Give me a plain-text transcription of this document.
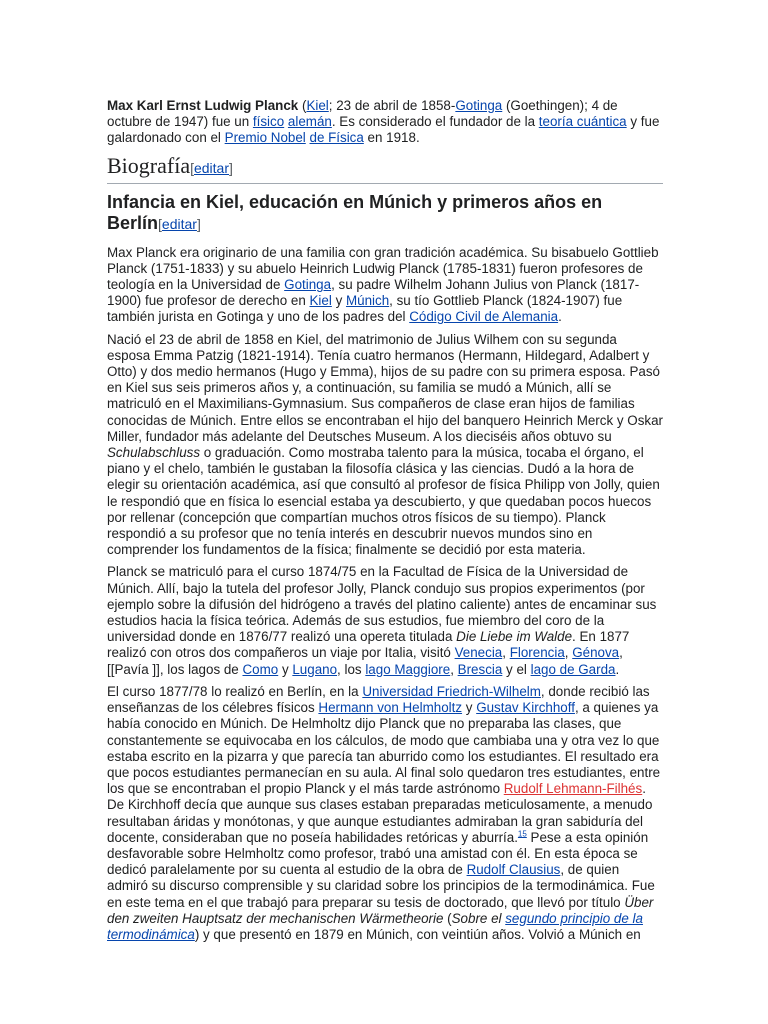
Max Karl Ernst Ludwig Planck (Kiel; 23 de abril de 1858-Gotinga (Goethingen); 4 de octubre de 1947) fue un físico alemán. Es considerado el fundador de la teoría cuántica y fue galardonado con el Premio Nobel de Física en 1918.

Biografía[editar]
Infancia en Kiel, educación en Múnich y primeros años en Berlín[editar]

Max Planck era originario de una familia con gran tradición académica. Su bisabuelo Gottlieb Planck (1751-1833) y su abuelo Heinrich Ludwig Planck (1785-1831) fueron profesores de teología en la Universidad de Gotinga, su padre Wilhelm Johann Julius von Planck (1817-1900) fue profesor de derecho en Kiel y Múnich, su tío Gottlieb Planck (1824-1907) fue también jurista en Gotinga y uno de los padres del Código Civil de Alemania.

Nació el 23 de abril de 1858 en Kiel, del matrimonio de Julius Wilhem con su segunda esposa Emma Patzig (1821-1914). Tenía cuatro hermanos (Hermann, Hildegard, Adalbert y Otto) y dos medio hermanos (Hugo y Emma), hijos de su padre con su primera esposa. Pasó en Kiel sus seis primeros años y, a continuación, su familia se mudó a Múnich, allí se matriculó en el Maximilians-Gymnasium. Sus compañeros de clase eran hijos de familias conocidas de Múnich. Entre ellos se encontraban el hijo del banquero Heinrich Merck y Oskar Miller, fundador más adelante del Deutsches Museum. A los dieciséis años obtuvo su Schulabschluss o graduación. Como mostraba talento para la música, tocaba el órgano, el piano y el chelo, también le gustaban la filosofía clásica y las ciencias. Dudó a la hora de elegir su orientación académica, así que consultó al profesor de física Philipp von Jolly, quien le respondió que en física lo esencial estaba ya descubierto, y que quedaban pocos huecos por rellenar (concepción que compartían muchos otros físicos de su tiempo). Planck respondió a su profesor que no tenía interés en descubrir nuevos mundos sino en comprender los fundamentos de la física; finalmente se decidió por esta materia.

Planck se matriculó para el curso 1874/75 en la Facultad de Física de la Universidad de Múnich. Allí, bajo la tutela del profesor Jolly, Planck condujo sus propios experimentos (por ejemplo sobre la difusión del hidrógeno a través del platino caliente) antes de encaminar sus estudios hacia la física teórica. Además de sus estudios, fue miembro del coro de la universidad donde en 1876/77 realizó una opereta titulada Die Liebe im Walde. En 1877 realizó con otros dos compañeros un viaje por Italia, visitó Venecia, Florencia, Génova, [[Pavía ]], los lagos de Como y Lugano, los lago Maggiore, Brescia y el lago de Garda.

El curso 1877/78 lo realizó en Berlín, en la Universidad Friedrich-Wilhelm, donde recibió las enseñanzas de los célebres físicos Hermann von Helmholtz y Gustav Kirchhoff, a quienes ya había conocido en Múnich. De Helmholtz dijo Planck que no preparaba las clases, que constantemente se equivocaba en los cálculos, de modo que cambiaba una y otra vez lo que estaba escrito en la pizarra y que parecía tan aburrido como los estudiantes. El resultado era que pocos estudiantes permanecían en su aula. Al final solo quedaron tres estudiantes, entre los que se encontraban el propio Planck y el más tarde astrónomo Rudolf Lehmann-Filhés. De Kirchhoff decía que aunque sus clases estaban preparadas meticulosamente, a menudo resultaban áridas y monótonas, y que aunque estudiantes admiraban la gran sabiduría del docente, consideraban que no poseía habilidades retóricas y aburría.$^{15}$ Pese a esta opinión desfavorable sobre Helmholtz como profesor, trabó una amistad con él. En esta época se dedicó paralelamente por su cuenta al estudio de la obra de Rudolf Clausius, de quien admiró su discurso comprensible y su claridad sobre los principios de la termodinámica. Fue en este tema en el que trabajó para preparar su tesis de doctorado, que llevó por título Über den zweiten Hauptsatz der mechanischen Wärmetheorie (Sobre el segundo principio de la termodinámica) y que presentó en 1879 en Múnich, con veintiún años. Volvió a Múnich en
